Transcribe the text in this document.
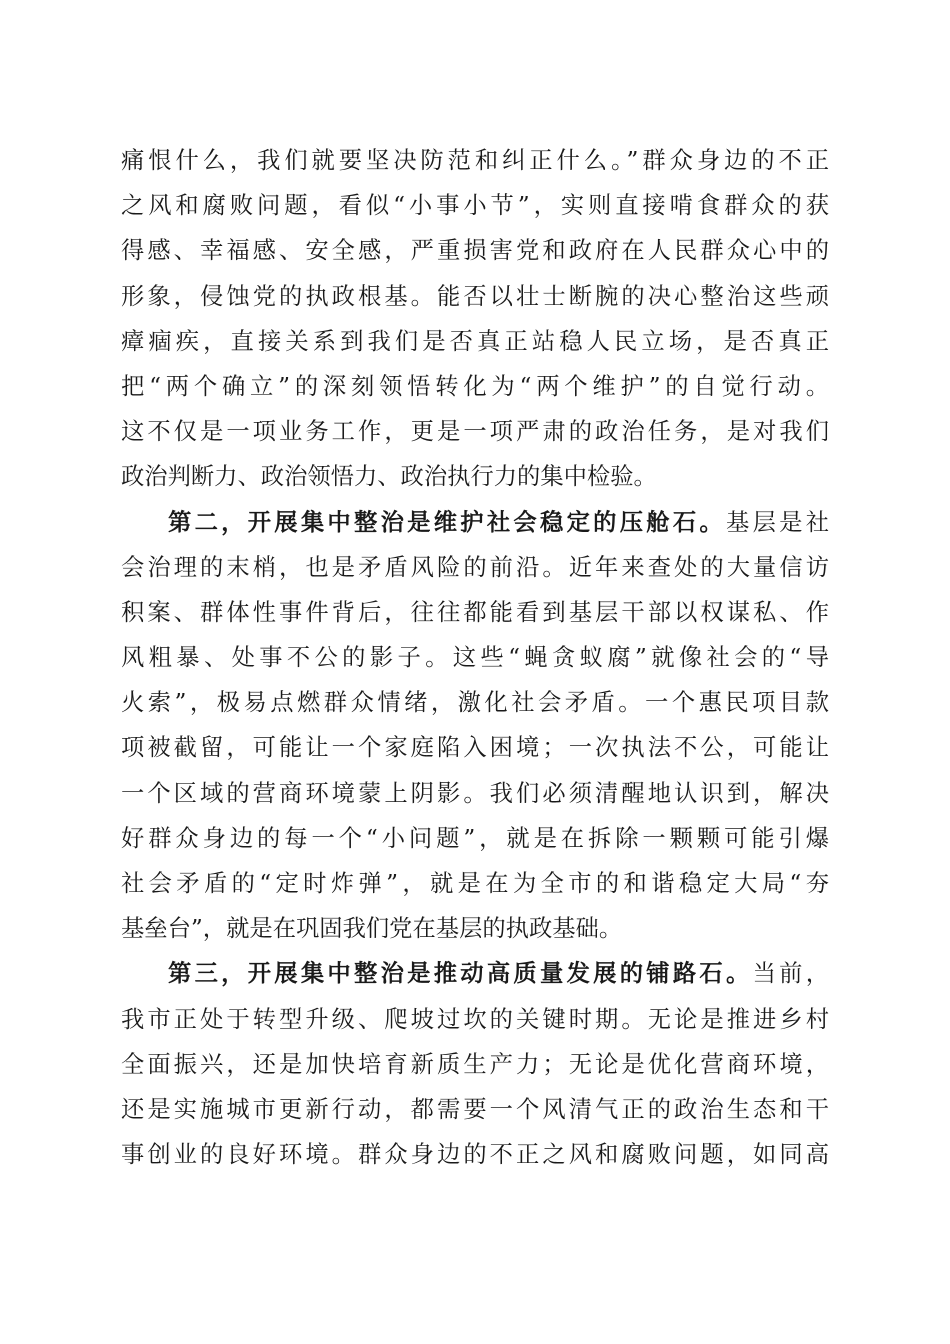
痛恨什么，我们就要坚决防范和纠正什么。”群众身边的不正
之风和腐败问题，看似“小事小节”，实则直接啃食群众的获
得感、幸福感、安全感，严重损害党和政府在人民群众心中的
形象，侵蚀党的执政根基。能否以壮士断腕的决心整治这些顽
瘴痼疾，直接关系到我们是否真正站稳人民立场，是否真正
把“两个确立”的深刻领悟转化为“两个维护”的自觉行动。
这不仅是一项业务工作，更是一项严肃的政治任务，是对我们
政治判断力、政治领悟力、政治执行力的集中检验。
第二，开展集中整治是维护社会稳定的压舱石。基层是社
会治理的末梢，也是矛盾风险的前沿。近年来查处的大量信访
积案、群体性事件背后，往往都能看到基层干部以权谋私、作
风粗暴、处事不公的影子。这些“蝇贪蚁腐”就像社会的“导
火索”，极易点燃群众情绪，激化社会矛盾。一个惠民项目款
项被截留，可能让一个家庭陷入困境；一次执法不公，可能让
一个区域的营商环境蒙上阴影。我们必须清醒地认识到，解决
好群众身边的每一个“小问题”，就是在拆除一颗颗可能引爆
社会矛盾的“定时炸弹”，就是在为全市的和谐稳定大局“夯
基垒台”，就是在巩固我们党在基层的执政基础。
第三，开展集中整治是推动高质量发展的铺路石。当前，
我市正处于转型升级、爬坡过坎的关键时期。无论是推进乡村
全面振兴，还是加快培育新质生产力；无论是优化营商环境，
还是实施城市更新行动，都需要一个风清气正的政治生态和干
事创业的良好环境。群众身边的不正之风和腐败问题，如同高
